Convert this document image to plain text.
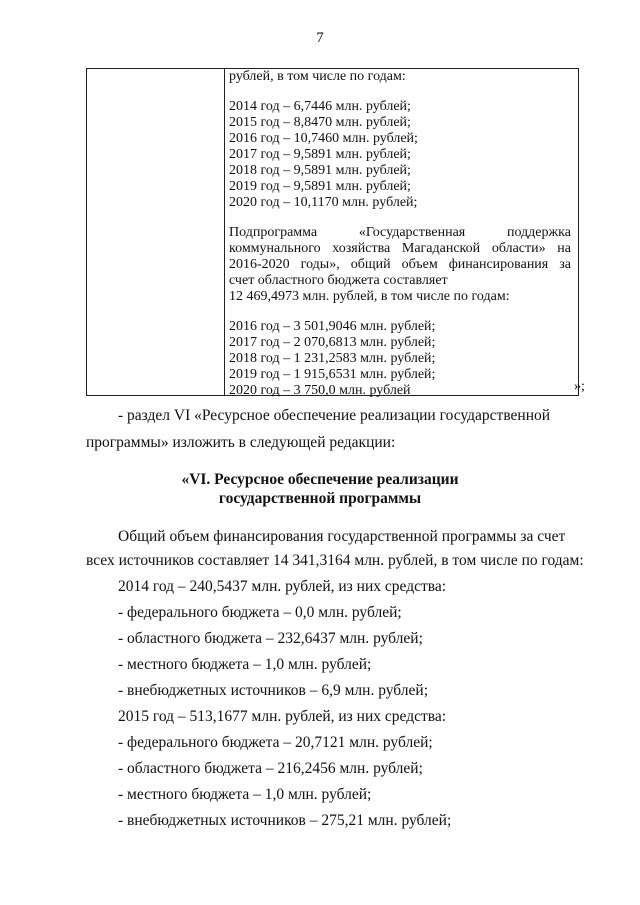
7
рублей, в том числе по годам:
2014 год – 6,7446 млн. рублей;
2015 год – 8,8470 млн. рублей;
2016 год – 10,7460 млн. рублей;
2017 год – 9,5891 млн. рублей;
2018 год – 9,5891 млн. рублей;
2019 год – 9,5891 млн. рублей;
2020 год – 10,1170 млн. рублей;
Подпрограмма «Государственная поддержка
коммунального хозяйства Магаданской области» на
2016-2020 годы», общий объем финансирования за
счет областного бюджета составляет
12 469,4973 млн. рублей, в том числе по годам:
2016 год – 3 501,9046 млн. рублей;
2017 год – 2 070,6813 млн. рублей;
2018 год – 1 231,2583 млн. рублей;
2019 год – 1 915,6531 млн. рублей;
2020 год – 3 750,0 млн. рублей	»;
- раздел VI «Ресурсное обеспечение реализации государственной
программы» изложить в следующей редакции:
«VI. Ресурсное обеспечение реализации
государственной программы
Общий объем финансирования государственной программы за счет
всех источников составляет 14 341,3164 млн. рублей, в том числе по годам:
2014 год – 240,5437 млн. рублей, из них средства:
- федерального бюджета – 0,0 млн. рублей;
- областного бюджета – 232,6437 млн. рублей;
- местного бюджета – 1,0 млн. рублей;
- внебюджетных источников – 6,9 млн. рублей;
2015 год – 513,1677 млн. рублей, из них средства:
- федерального бюджета – 20,7121 млн. рублей;
- областного бюджета – 216,2456 млн. рублей;
- местного бюджета – 1,0 млн. рублей;
- внебюджетных источников – 275,21 млн. рублей;
